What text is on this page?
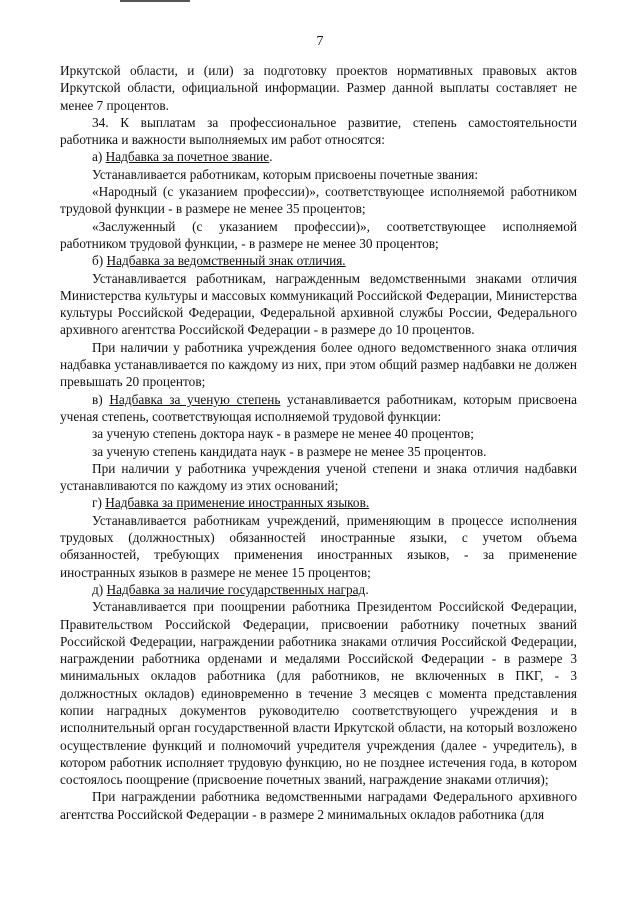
7

Иркутской области, и (или) за подготовку проектов нормативных правовых актов Иркутской области, официальной информации. Размер данной выплаты составляет не менее 7 процентов.

34. К выплатам за профессиональное развитие, степень самостоятельности работника и важности выполняемых им работ относятся:

а) Надбавка за почетное звание.

Устанавливается работникам, которым присвоены почетные звания:

«Народный (с указанием профессии)», соответствующее исполняемой работником трудовой функции - в размере не менее 35 процентов;

«Заслуженный (с указанием профессии)», соответствующее исполняемой работником трудовой функции, - в размере не менее 30 процентов;

б) Надбавка за ведомственный знак отличия.

Устанавливается работникам, награжденным ведомственными знаками отличия Министерства культуры и массовых коммуникаций Российской Федерации, Министерства культуры Российской Федерации, Федеральной архивной службы России, Федерального архивного агентства Российской Федерации - в размере до 10 процентов.

При наличии у работника учреждения более одного ведомственного знака отличия надбавка устанавливается по каждому из них, при этом общий размер надбавки не должен превышать 20 процентов;

в) Надбавка за ученую степень устанавливается работникам, которым присвоена ученая степень, соответствующая исполняемой трудовой функции:

за ученую степень доктора наук - в размере не менее 40 процентов;

за ученую степень кандидата наук - в размере не менее 35 процентов.

При наличии у работника учреждения ученой степени и знака отличия надбавки устанавливаются по каждому из этих оснований;

г) Надбавка за применение иностранных языков.

Устанавливается работникам учреждений, применяющим в процессе исполнения трудовых (должностных) обязанностей иностранные языки, с учетом объема обязанностей, требующих применения иностранных языков, - за применение иностранных языков в размере не менее 15 процентов;

д) Надбавка за наличие государственных наград.

Устанавливается при поощрении работника Президентом Российской Федерации, Правительством Российской Федерации, присвоении работнику почетных званий Российской Федерации, награждении работника знаками отличия Российской Федерации, награждении работника орденами и медалями Российской Федерации - в размере 3 минимальных окладов работника (для работников, не включенных в ПКГ, - 3 должностных окладов) единовременно в течение 3 месяцев с момента представления копии наградных документов руководителю соответствующего учреждения и в исполнительный орган государственной власти Иркутской области, на который возложено осуществление функций и полномочий учредителя учреждения (далее - учредитель), в котором работник исполняет трудовую функцию, но не позднее истечения года, в котором состоялось поощрение (присвоение почетных званий, награждение знаками отличия);

При награждении работника ведомственными наградами Федерального архивного агентства Российской Федерации - в размере 2 минимальных окладов работника (для
